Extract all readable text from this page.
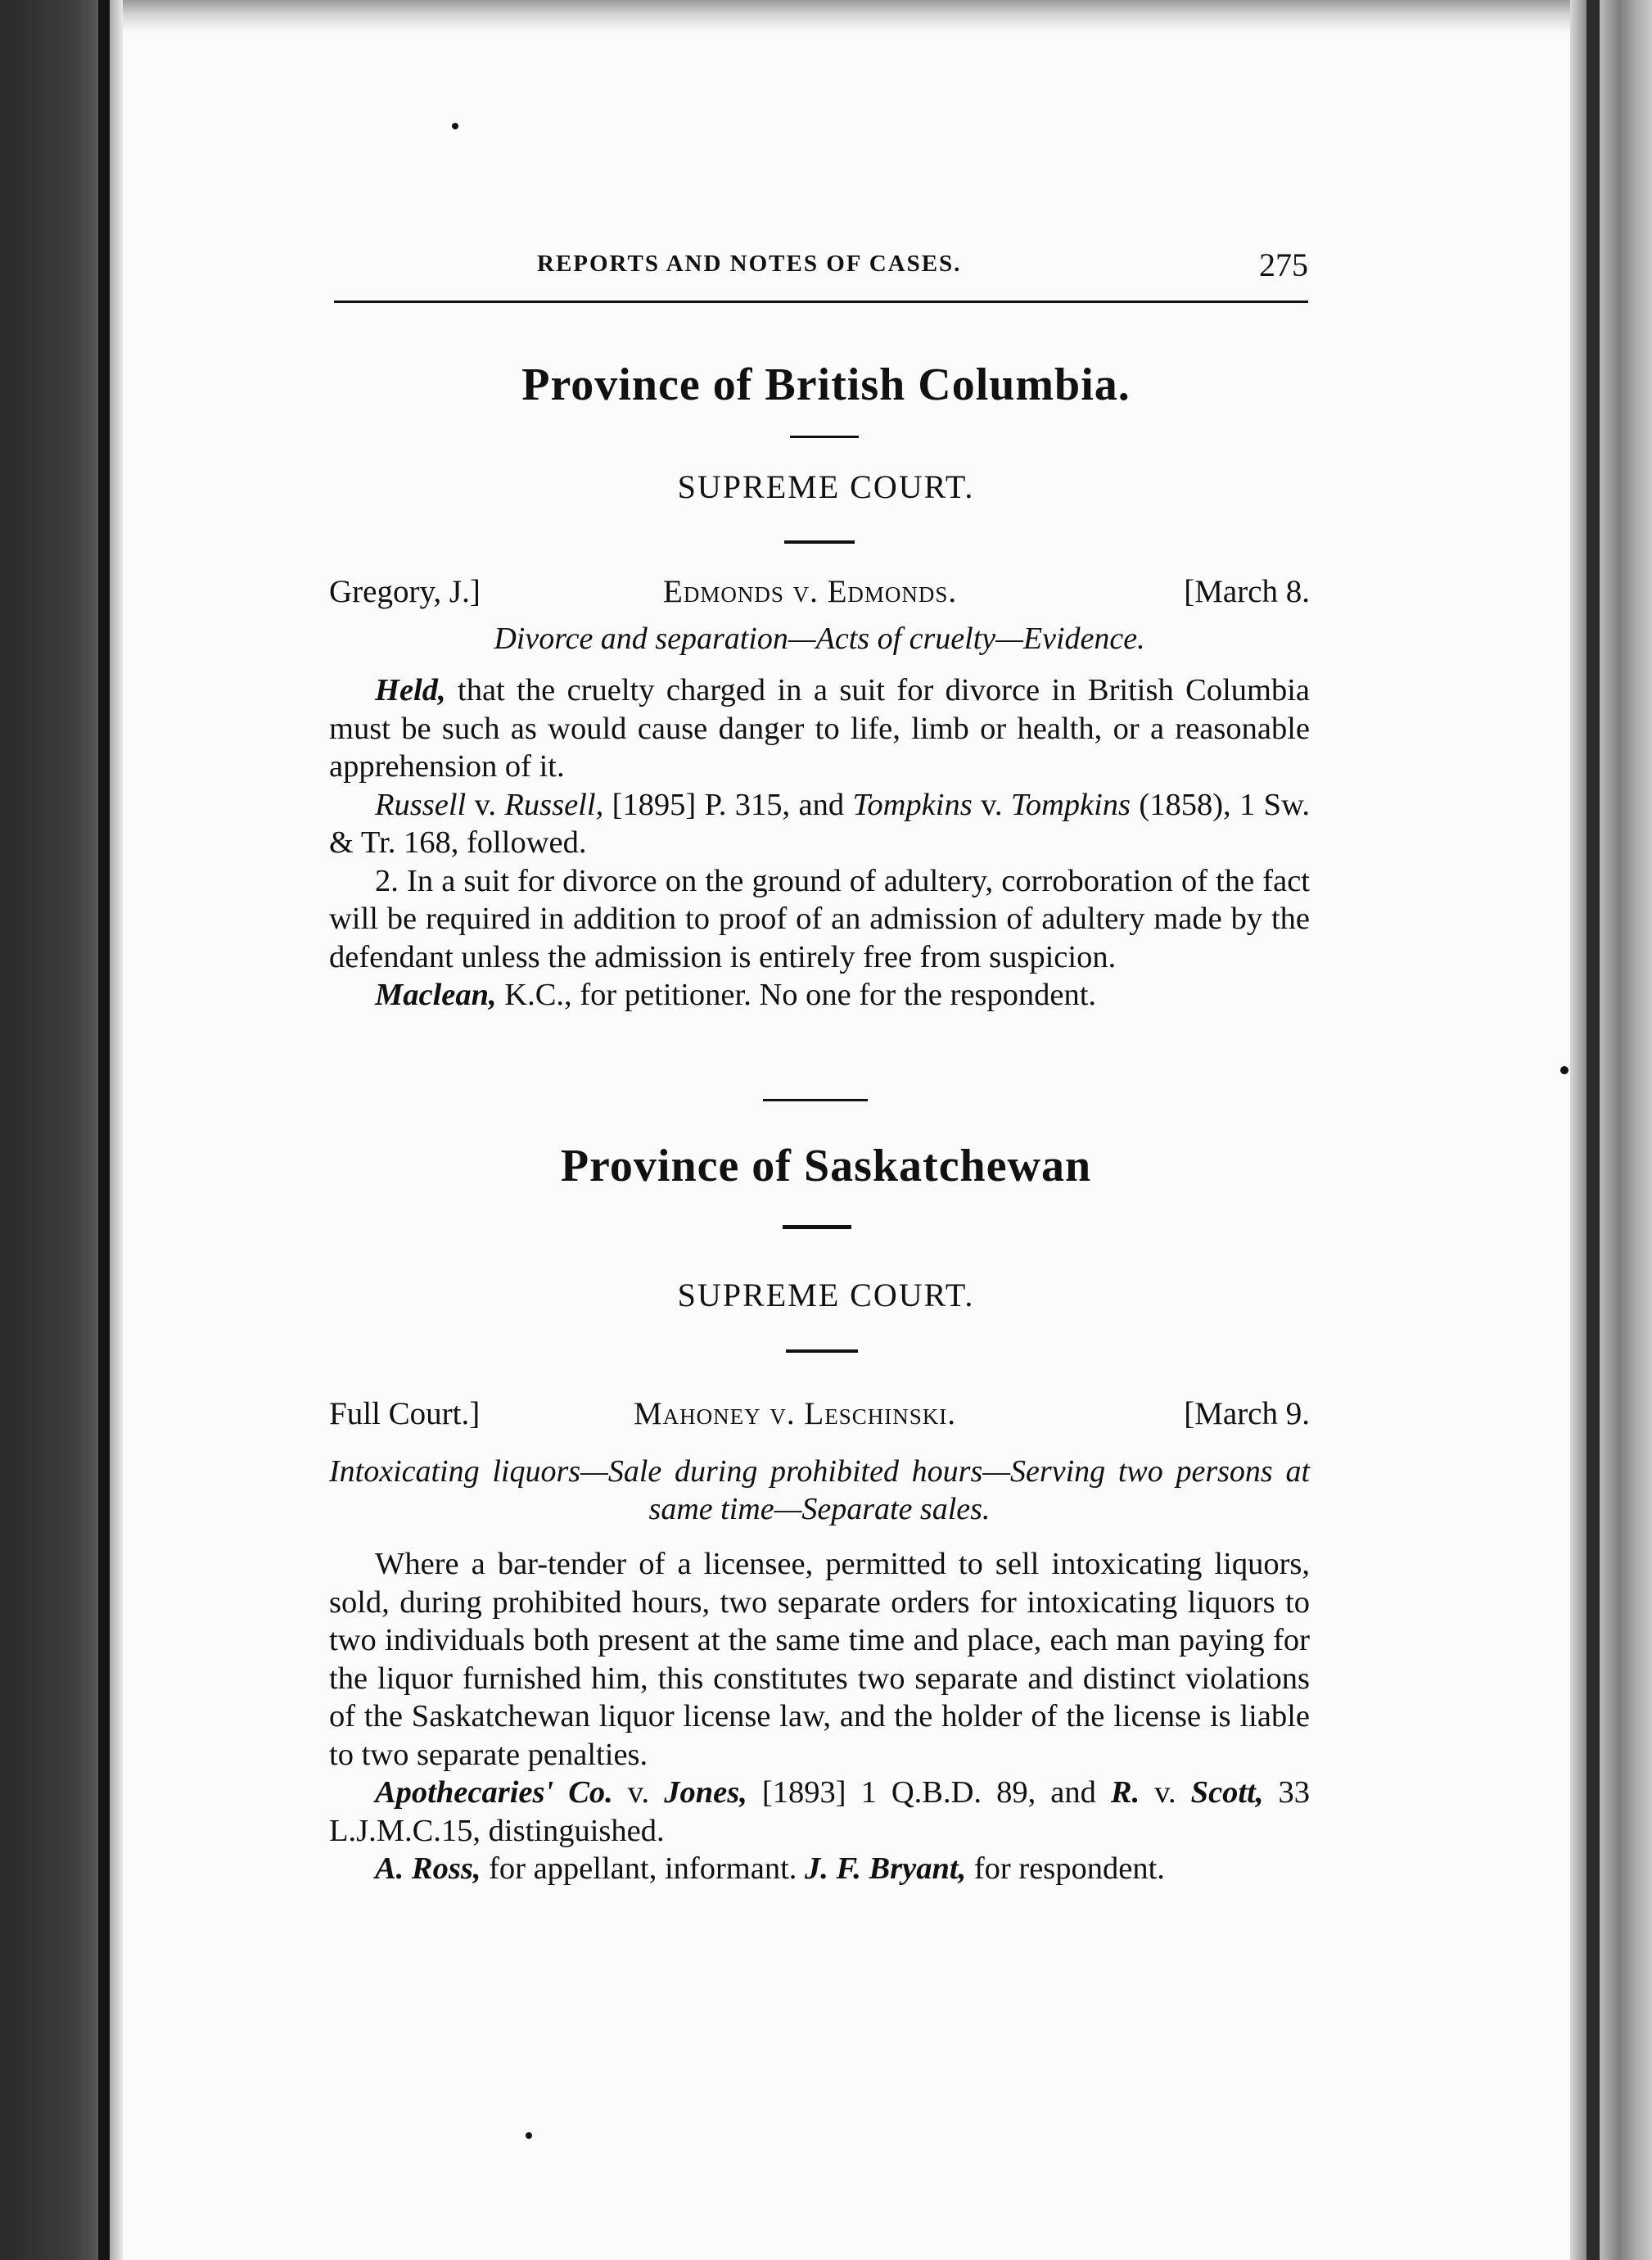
REPORTS AND NOTES OF CASES.	275
Province of British Columbia.
SUPREME COURT.
Gregory, J.]	Edmonds v. Edmonds.	[March 8.
Divorce and separation—Acts of cruelty—Evidence.

Held, that the cruelty charged in a suit for divorce in British Columbia must be such as would cause danger to life, limb or health, or a reasonable apprehension of it.

Russell v. Russell, [1895] P. 315, and Tompkins v. Tompkins (1858), 1 Sw. & Tr. 168, followed.

2. In a suit for divorce on the ground of adultery, corroboration of the fact will be required in addition to proof of an admission of adultery made by the defendant unless the admission is entirely free from suspicion.

Maclean, K.C., for petitioner. No one for the respondent.

Province of Saskatchewan
SUPREME COURT.
Full Court.]	Mahoney v. Leschinski.	[March 9.
Intoxicating liquors—Sale during prohibited hours—Serving two persons at same time—Separate sales.

Where a bar-tender of a licensee, permitted to sell intoxicating liquors, sold, during prohibited hours, two separate orders for intoxicating liquors to two individuals both present at the same time and place, each man paying for the liquor furnished him, this constitutes two separate and distinct violations of the Saskatchewan liquor license law, and the holder of the license is liable to two separate penalties.

Apothecaries' Co. v. Jones, [1893] 1 Q.B.D. 89, and R. v. Scott, 33 L.J.M.C.15, distinguished.

A. Ross, for appellant, informant. J. F. Bryant, for respondent.
